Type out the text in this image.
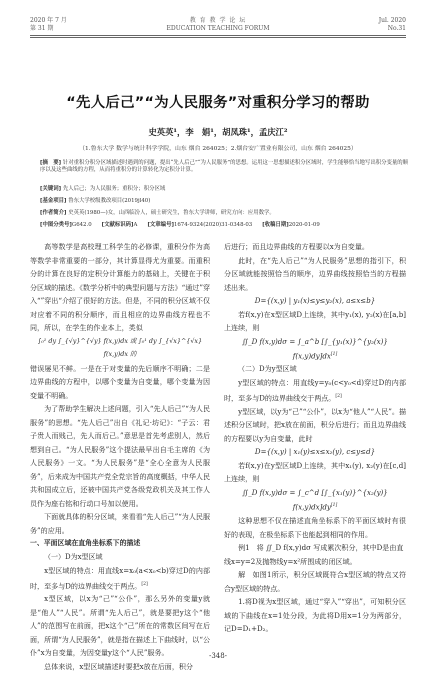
2020 年 7 月
第 31 期
教 育 教 学 论 坛
EDUCATION TEACHING FORUM
Jul. 2020
No.31
“先人后己”“为人民服务”对重积分学习的帮助
史英英¹，李　娟¹，胡凤珠¹，孟庆江²
（1.鲁东大学 数学与统计科学学院，山东 烟台 264025；2.烟台安广置业有限公司，山东 烟台 264025）
[摘　要] 针对重积分积分区域描述时遇到的问题，提出“先人后己”“为人民服务”的思想。运用这一思想描述积分区域时，学生能够恰当地写出积分变量的顺序以及这些曲线的方程，从而将重积分的计算转化为定积分计算。
[关键词] 先人后己；为人民服务；重积分；积分区域
[基金项目] 鲁东大学校级教改项目(2019jl40)
[作者简介] 史英英(1980—)女，山西临汾人，硕士研究生，鲁东大学讲师，研究方向：应用数学。
[中图分类号]G642.0 [文献标识码]A [文章编号]1674-9324(2020)31-0348-03 [收稿日期]2020-01-09

高等数学是高校理工科学生的必修课，重积分作为高等数学非常重要的一部分，其计算显得尤为重要。而重积分的计算在良好的定积分计算能力的基础上，关键在于积分区域的描述。《数学分析中的典型问题与方法》“通过”穿入“”穿出“介绍了很好的方法。但是，不同的积分区域不仅对应着不同的积分顺序，而且相应的边界曲线方程也不同，所以，在学生的作业本上，类似

∫₀¹ dy ∫_{√y}^{√y} f(x,y)dx 或 ∫₀¹ dy ∫_{√x}^{√x} f(x,y)dx 的

错误屡见不鲜。一是在于对变量的先后顺序不明确；二是边界曲线的方程中，以哪个变量为自变量，哪个变量为因变量不明确。

为了帮助学生解决上述问题，引入“先人后己”“为人民服务”的思想。“先人后己”出自《礼记·坊记》：“子云：君子贵人而贱己，先人而后己。”意思是首先考虑别人，然后想到自己。“为人民服务”这个提法最早出自毛主席的《为人民服务》一文。“为人民服务”是“全心全意为人民服务”，后来成为中国共产党全党宗旨的高度概括，中华人民共和国成立后，还被中国共产党各级党政机关及其工作人员作为座右铭和行动口号加以使用。

下面就具体的积分区域，来看看“先人后己”“为人民服务”的应用。

一、平面区域在直角坐标系下的描述

（一）D为x型区域

x型区域的特点：用直线x=x₀(a<x₀<b)穿过D的内部时，至多与D的边界曲线交于两点。[2]

x型区域，以x为“己”“公仆”，那么另外的变量y就是“他人”“人民”。所谓“先人后己”，就是要把y这个“他人”的范围写在前面，把x这个“己”所在的常数区间写在后面，所谓“为人民服务”，就是指在描述上下曲线时，以“公仆”x为自变量，为因变量y这个“人民”服务。

总体来说，x型区域描述时要把x放在后面，积分

后进行；而且边界曲线的方程要以x为自变量。

此时，在“先人后己”“为人民服务”思想的指引下，积分区域就能按照恰当的顺序，边界曲线按照恰当的方程描述出来。

D={(x,y) | y₁(x)≤y≤y₂(x), a≤x≤b}

若f(x,y)在x型区域D上连续，其中y₁(x), y₂(x)在[a,b]上连续，则

∬_D f(x,y)dσ = ∫_a^b [∫_{y₁(x)}^{y₂(x)} f(x,y)dy]dx[1]

（二）D为y型区域

y型区域的特点：用直线y=y₀(c<y₀<d)穿过D的内部时，至多与D的边界曲线交于两点。[2]

y型区域，以y为“己”“公仆”，以x为“他人”“人民”。描述积分区域时，把x放在前面，积分后进行；而且边界曲线的方程要以y为自变量，此时

D={(x,y) | x₁(y)≤x≤x₂(y), c≤y≤d}

若f(x,y)在y型区域D上连续，其中x₁(y), x₂(y)在[c,d]上连续，则

∬_D f(x,y)dσ = ∫_c^d [∫_{x₁(y)}^{x₂(y)} f(x,y)dx]dy[1]

这种思想不仅在描述直角坐标系下的平面区域时有很好的表现，在极坐标系下也能起到相同的作用。

例1　将 ∬_D f(x,y)dσ 写成累次积分，其中D是由直

线x=y=2及抛物线y=x²所围成的闭区域。

解　如图1所示，积分区域既符合x型区域的特点又符合y型区域的特点。

1.将D视为x型区域，通过“穿入”“穿出”，可知积分区域的下曲线在x=1处分段，为此将D用x=1分为两部分，记D=D₁+D₂。

-348-
